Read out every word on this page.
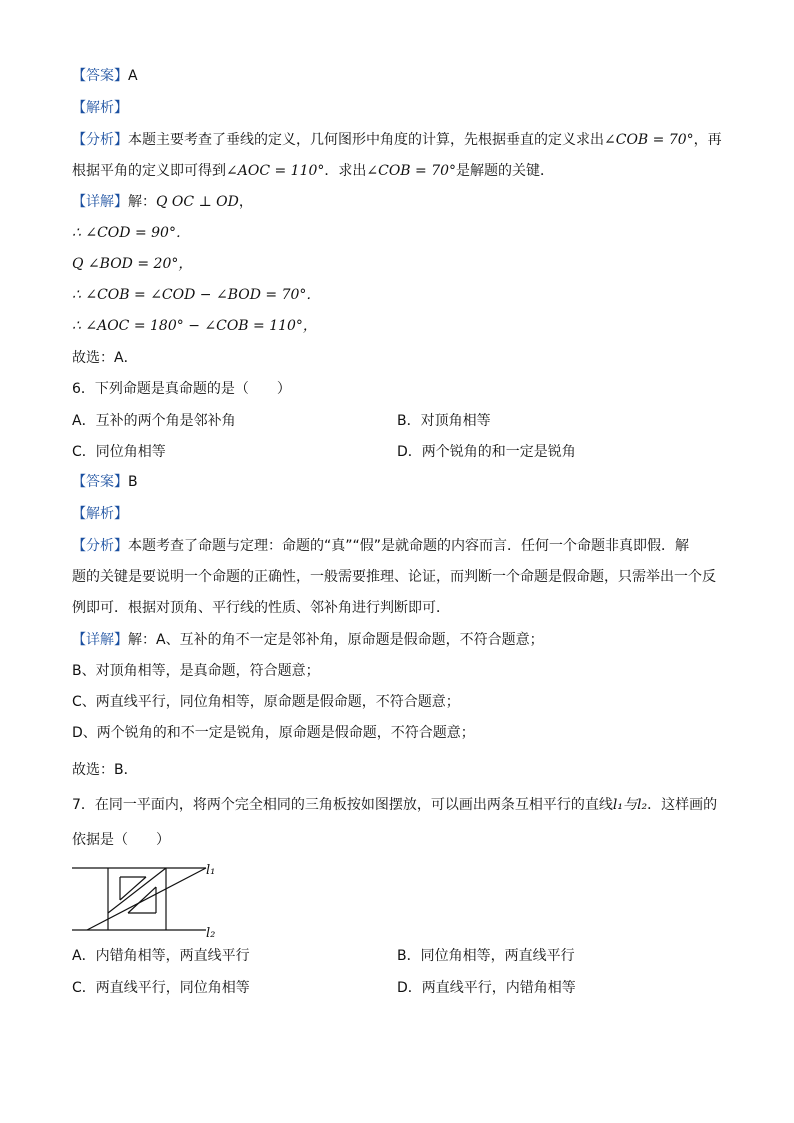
【答案】A
【解析】
【分析】本题主要考查了垂线的定义，几何图形中角度的计算，先根据垂直的定义求出∠COB = 70°，再
根据平角的定义即可得到∠AOC = 110°．求出∠COB = 70°是解题的关键．
【详解】解：Q OC ⊥ OD，
∴ ∠COD = 90°．
Q ∠BOD = 20°，
∴ ∠COB = ∠COD − ∠BOD = 70°．
∴ ∠AOC = 180° − ∠COB = 110°，
故选：A．
6．下列命题是真命题的是（　　）
A．互补的两个角是邻补角	B．对顶角相等
C．同位角相等	D．两个锐角的和一定是锐角
【答案】B
【解析】
【分析】本题考查了命题与定理：命题的“真”“假”是就命题的内容而言．任何一个命题非真即假．解
题的关键是要说明一个命题的正确性，一般需要推理、论证，而判断一个命题是假命题，只需举出一个反
例即可．根据对顶角、平行线的性质、邻补角进行判断即可．
【详解】解：A、互补的角不一定是邻补角，原命题是假命题，不符合题意；
B、对顶角相等，是真命题，符合题意；
C、两直线平行，同位角相等，原命题是假命题，不符合题意；
D、两个锐角的和不一定是锐角，原命题是假命题，不符合题意；
故选：B．
7．在同一平面内，将两个完全相同的三角板按如图摆放，可以画出两条互相平行的直线l₁与l₂．这样画的
依据是（　　）
l₁
l₂
A．内错角相等，两直线平行	B．同位角相等，两直线平行
C．两直线平行，同位角相等	D．两直线平行，内错角相等
